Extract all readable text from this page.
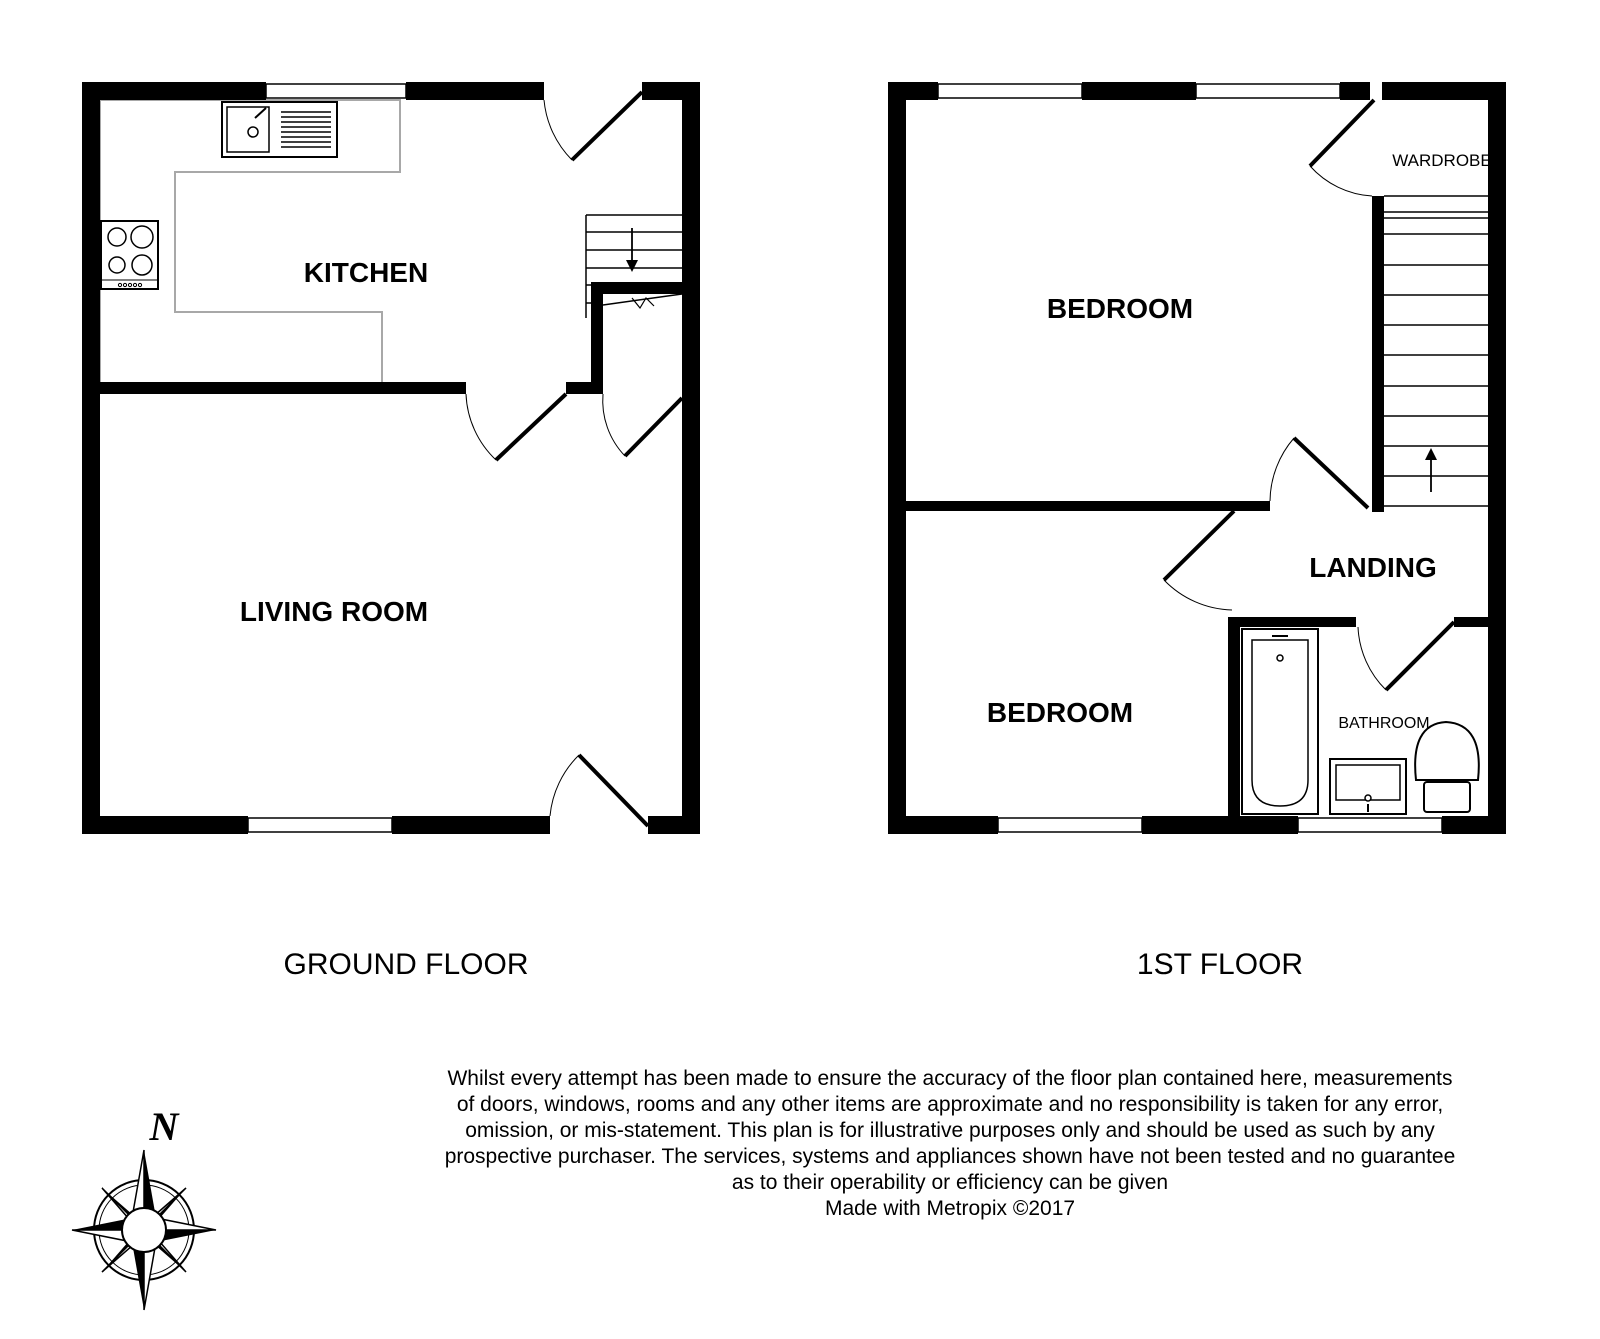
KITCHEN
LIVING ROOM
BEDROOM
LANDING
BEDROOM
WARDROBE
BATHROOM
GROUND FLOOR	1ST FLOOR
N
Whilst every attempt has been made to ensure the accuracy of the floor plan contained here, measurements
of doors, windows, rooms and any other items are approximate and no responsibility is taken for any error,
omission, or mis-statement. This plan is for illustrative purposes only and should be used as such by any
prospective purchaser. The services, systems and appliances shown have not been tested and no guarantee
as to their operability or efficiency can be given
Made with Metropix ©2017
